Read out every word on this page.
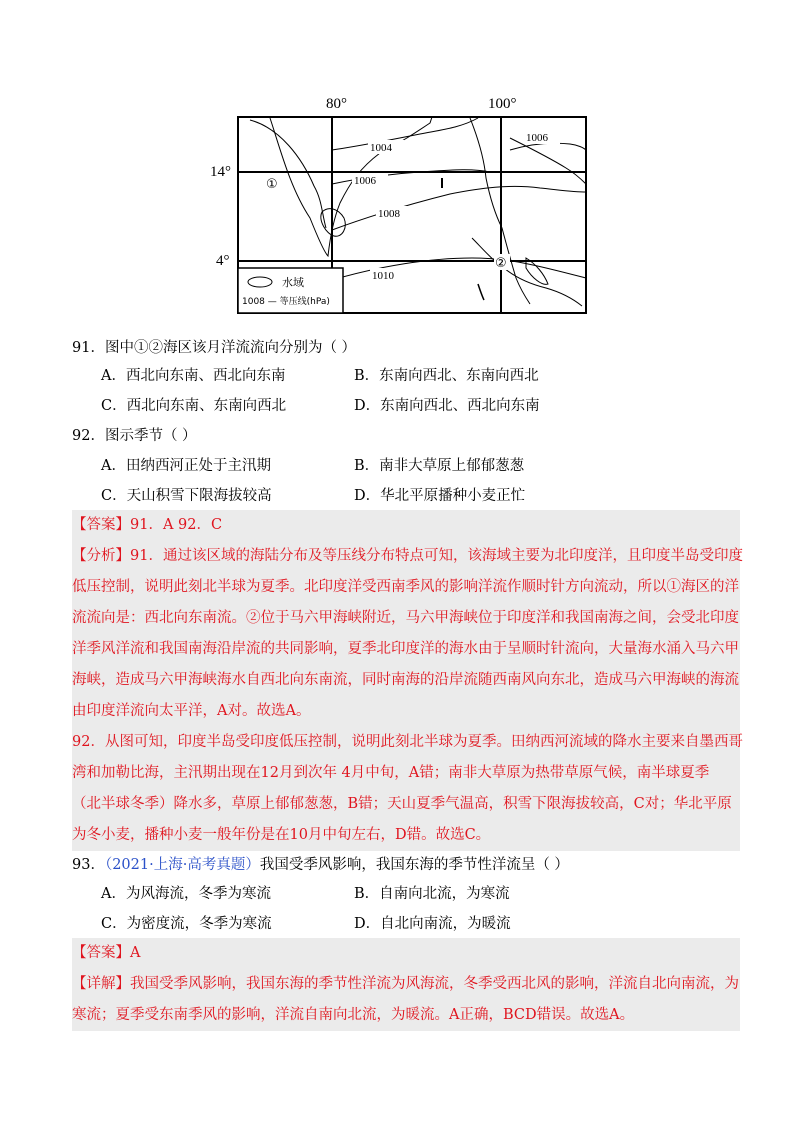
80°	100°
14°
4°
1004
1006
1008
1010
1006
①
②
水域
1008 — 等压线(hPa)
91．图中①②海区该月洋流流向分别为（ ）
A．西北向东南、西北向东南	B．东南向西北、东南向西北
C．西北向东南、东南向西北	D．东南向西北、西北向东南
92．图示季节（ ）
A．田纳西河正处于主汛期	B．南非大草原上郁郁葱葱
C．天山积雪下限海拔较高	D．华北平原播种小麦正忙
【答案】91．A 92．C
【分析】91．通过该区域的海陆分布及等压线分布特点可知，该海域主要为北印度洋，且印度半岛受印度
低压控制，说明此刻北半球为夏季。北印度洋受西南季风的影响洋流作顺时针方向流动，所以①海区的洋
流流向是：西北向东南流。②位于马六甲海峡附近，马六甲海峡位于印度洋和我国南海之间，会受北印度
洋季风洋流和我国南海沿岸流的共同影响，夏季北印度洋的海水由于呈顺时针流向，大量海水涌入马六甲
海峡，造成马六甲海峡海水自西北向东南流，同时南海的沿岸流随西南风向东北，造成马六甲海峡的海流
由印度洋流向太平洋，A对。故选A。
92．从图可知，印度半岛受印度低压控制，说明此刻北半球为夏季。田纳西河流域的降水主要来自墨西哥
湾和加勒比海，主汛期出现在12月到次年 4月中旬，A错；南非大草原为热带草原气候，南半球夏季
（北半球冬季）降水多，草原上郁郁葱葱，B错；天山夏季气温高，积雪下限海拔较高，C对；华北平原
为冬小麦，播种小麦一般年份是在10月中旬左右，D错。故选C。
93．（2021·上海·高考真题）我国受季风影响，我国东海的季节性洋流呈（ ）
A．为风海流，冬季为寒流	B．自南向北流，为寒流
C．为密度流，冬季为寒流	D．自北向南流，为暖流
【答案】A
【详解】我国受季风影响，我国东海的季节性洋流为风海流，冬季受西北风的影响，洋流自北向南流，为
寒流；夏季受东南季风的影响，洋流自南向北流，为暖流。A正确，BCD错误。故选A。
